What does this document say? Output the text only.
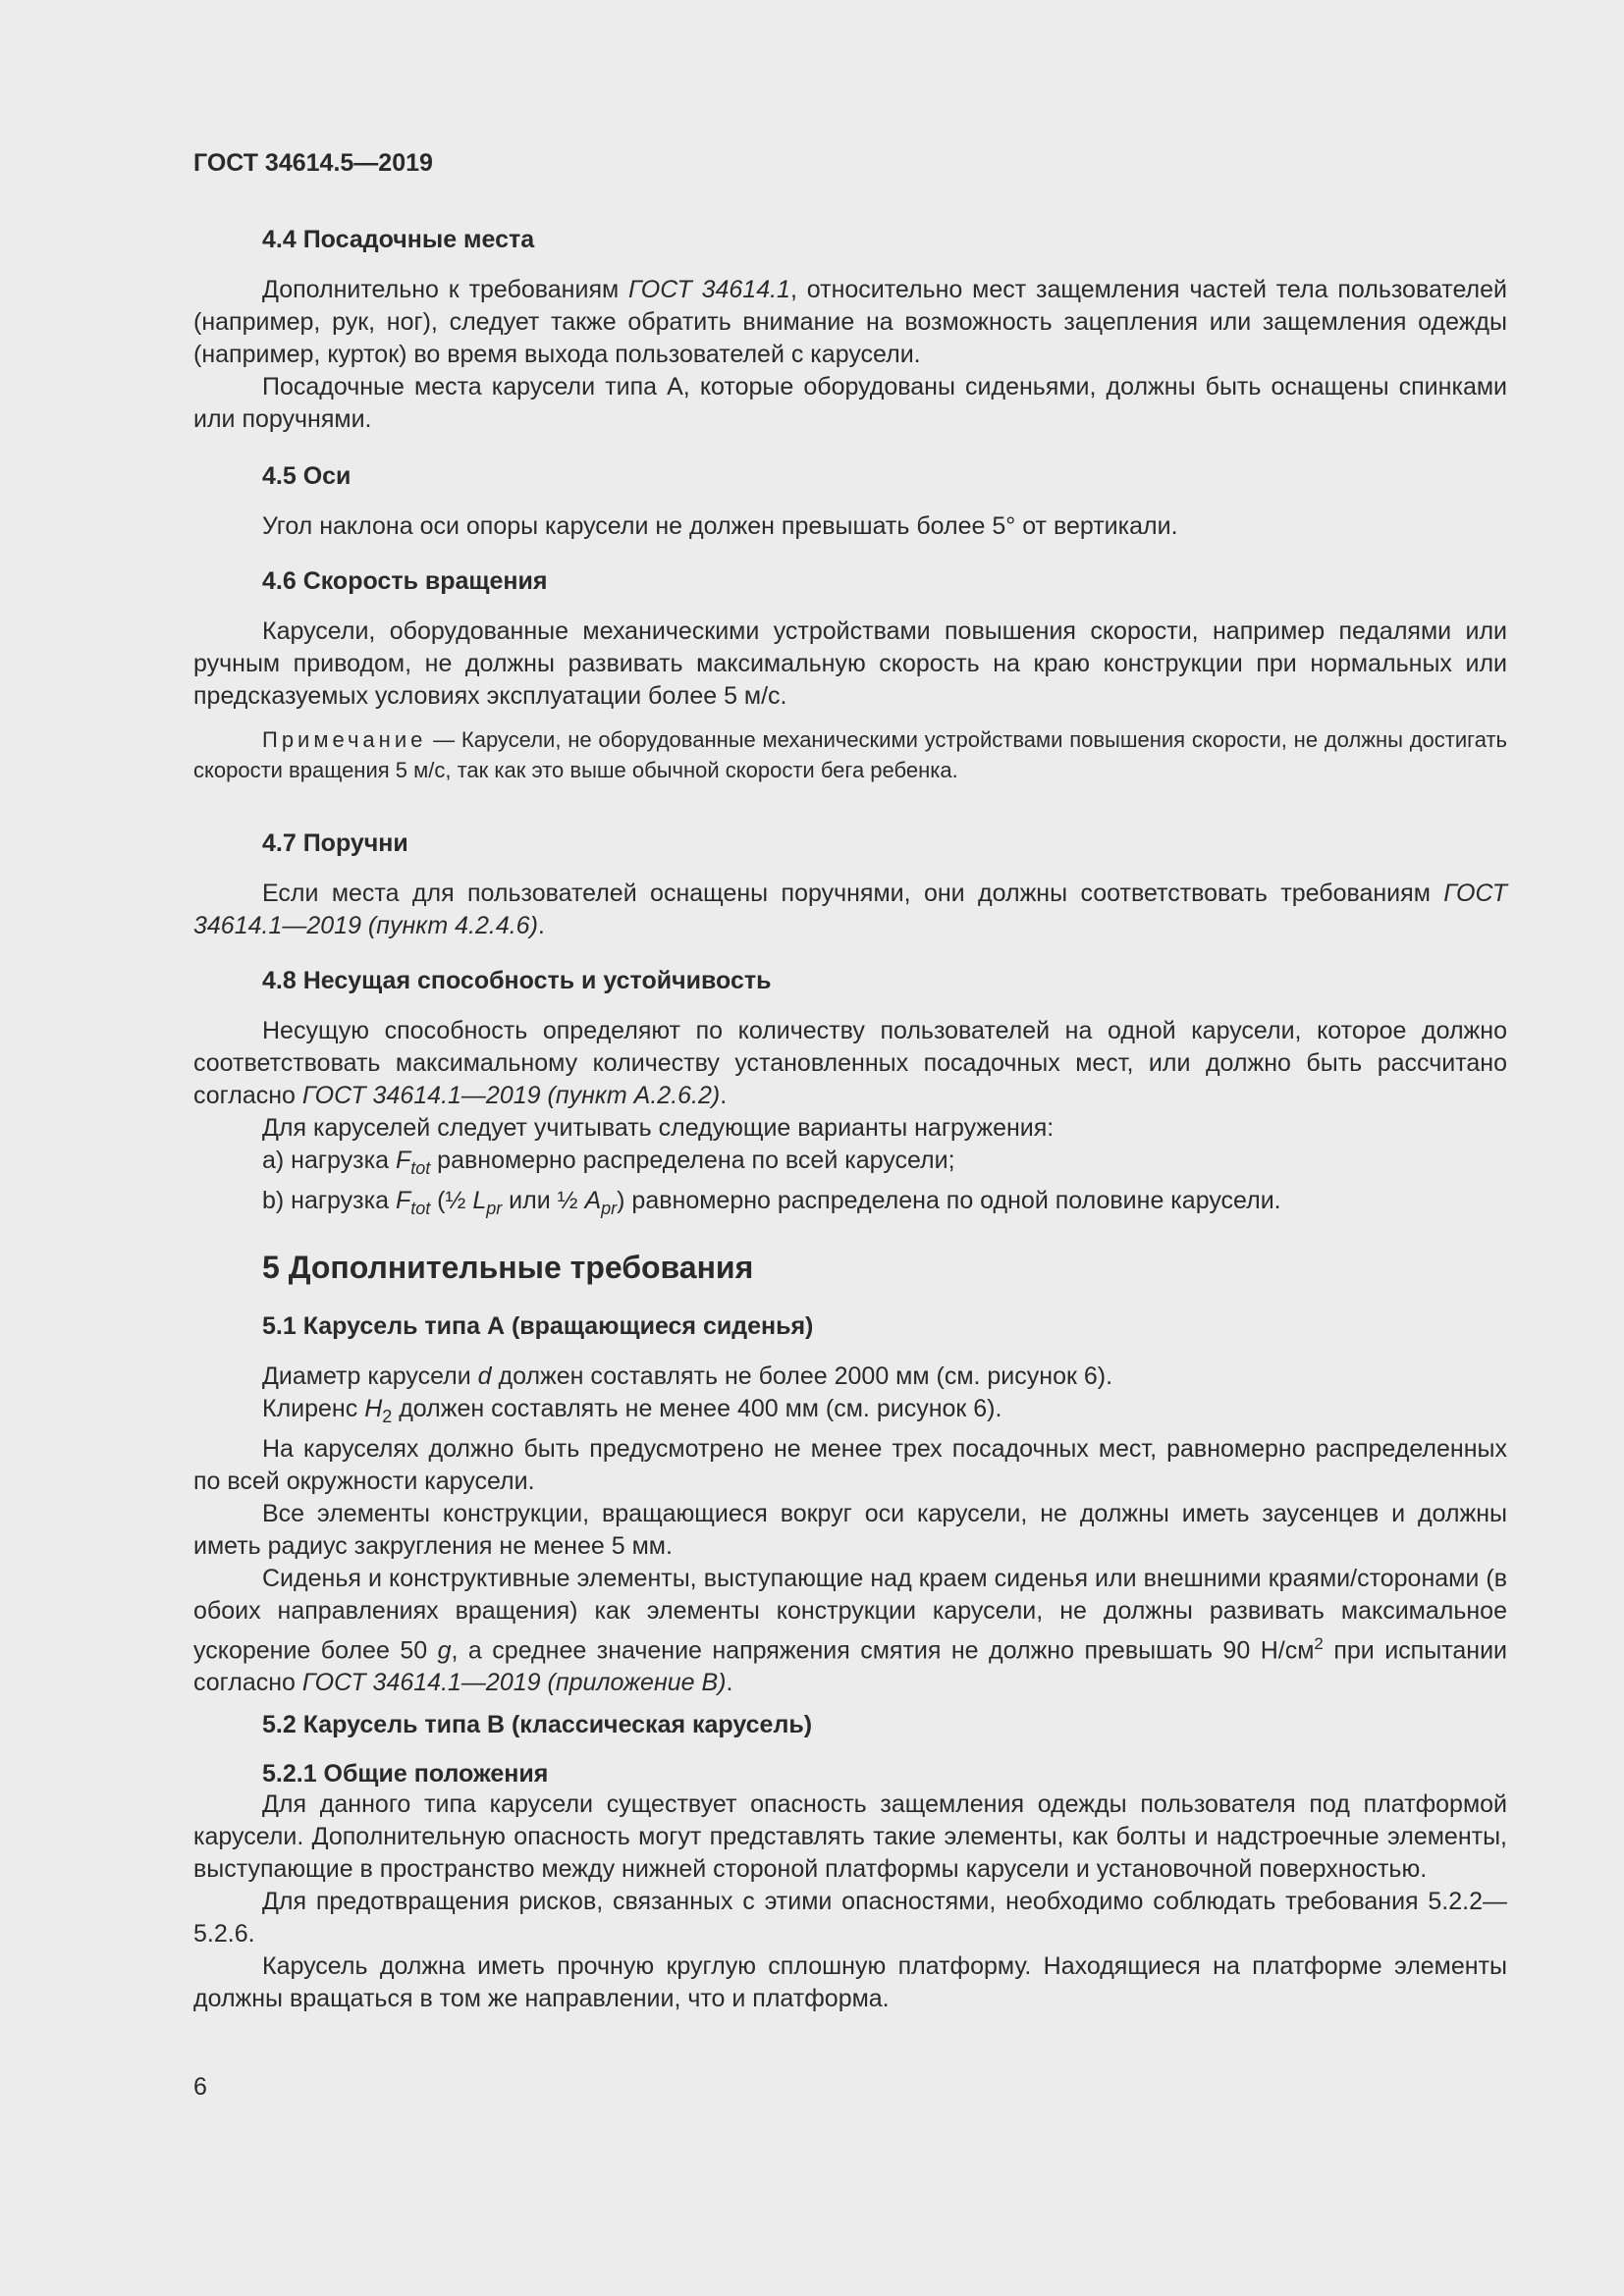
ГОСТ 34614.5—2019
4.4 Посадочные места

Дополнительно к требованиям ГОСТ 34614.1, относительно мест защемления частей тела пользователей (например, рук, ног), следует также обратить внимание на возможность зацепления или защемления одежды (например, курток) во время выхода пользователей с карусели.

Посадочные места карусели типа А, которые оборудованы сиденьями, должны быть оснащены спинками или поручнями.

4.5 Оси

Угол наклона оси опоры карусели не должен превышать более 5° от вертикали.

4.6 Скорость вращения

Карусели, оборудованные механическими устройствами повышения скорости, например педалями или ручным приводом, не должны развивать максимальную скорость на краю конструкции при нормальных или предсказуемых условиях эксплуатации более 5 м/с.

Примечание — Карусели, не оборудованные механическими устройствами повышения скорости, не должны достигать скорости вращения 5 м/с, так как это выше обычной скорости бега ребенка.
4.7 Поручни

Если места для пользователей оснащены поручнями, они должны соответствовать требованиям ГОСТ 34614.1—2019 (пункт 4.2.4.6).

4.8 Несущая способность и устойчивость

Несущую способность определяют по количеству пользователей на одной карусели, которое должно соответствовать максимальному количеству установленных посадочных мест, или должно быть рассчитано согласно ГОСТ 34614.1—2019 (пункт А.2.6.2).

Для каруселей следует учитывать следующие варианты нагружения:

а) нагрузка $F_{tot}$ равномерно распределена по всей карусели;
b) нагрузка $F_{tot}$ (½ $L_{pr}$ или ½ $A_{pr}$) равномерно распределена по одной половине карусели.
5 Дополнительные требования
5.1 Карусель типа А (вращающиеся сиденья)

Диаметр карусели d должен составлять не более 2000 мм (см. рисунок 6).

Клиренс $H_2$ должен составлять не менее 400 мм (см. рисунок 6).

На каруселях должно быть предусмотрено не менее трех посадочных мест, равномерно распределенных по всей окружности карусели.

Все элементы конструкции, вращающиеся вокруг оси карусели, не должны иметь заусенцев и должны иметь радиус закругления не менее 5 мм.

Сиденья и конструктивные элементы, выступающие над краем сиденья или внешними краями/сторонами (в обоих направлениях вращения) как элементы конструкции карусели, не должны развивать максимальное ускорение более 50 g, а среднее значение напряжения смятия не должно превышать 90 $Н/см^2$ при испытании согласно ГОСТ 34614.1—2019 (приложение В).

5.2 Карусель типа В (классическая карусель)
5.2.1 Общие положения

Для данного типа карусели существует опасность защемления одежды пользователя под платформой карусели. Дополнительную опасность могут представлять такие элементы, как болты и надстроечные элементы, выступающие в пространство между нижней стороной платформы карусели и установочной поверхностью.

Для предотвращения рисков, связанных с этими опасностями, необходимо соблюдать требования 5.2.2—5.2.6.

Карусель должна иметь прочную круглую сплошную платформу. Находящиеся на платформе элементы должны вращаться в том же направлении, что и платформа.

6
